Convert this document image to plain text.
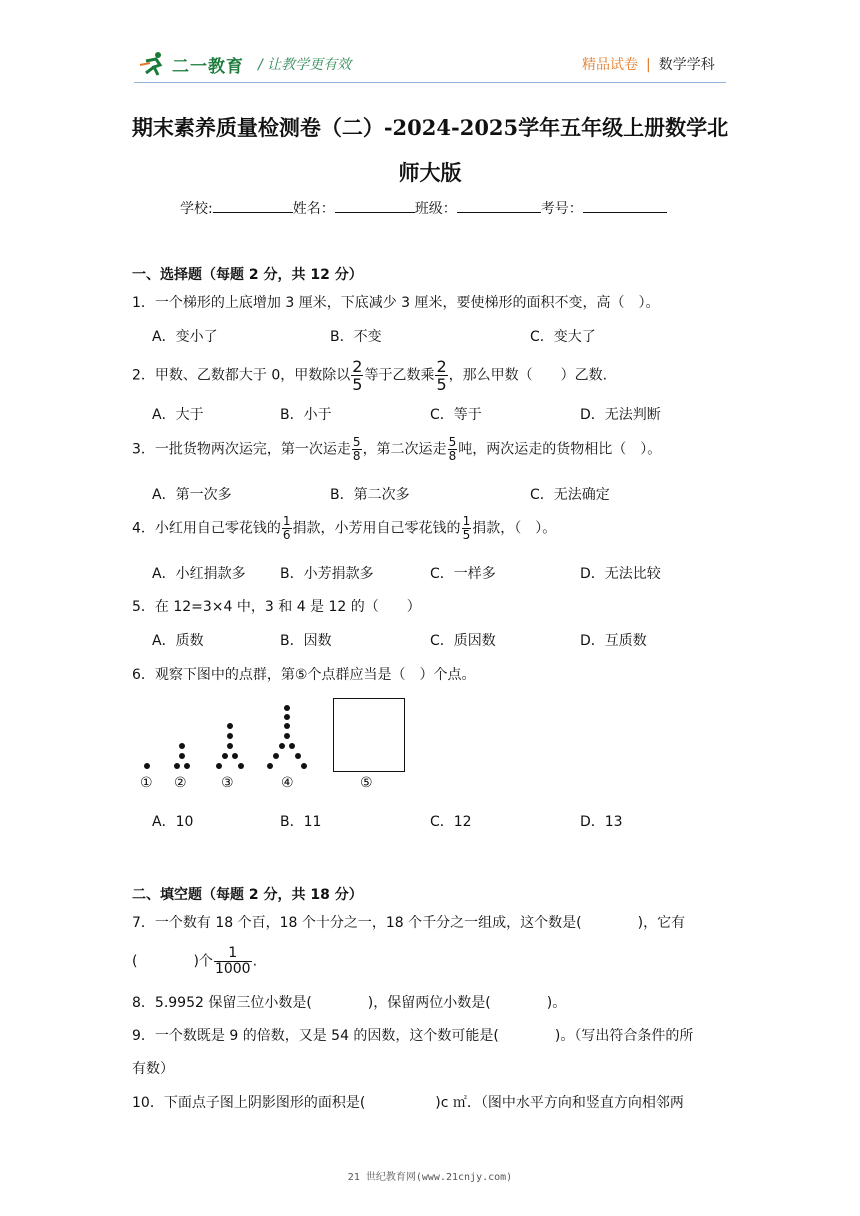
二一教育 / 让教学更有效	精品试卷 | 数学学科
期末素养质量检测卷（二）-2024-2025学年五年级上册数学北
师大版
学校:	姓名：	班级：	考号：
一、选择题（每题 2 分，共 12 分）
1．一个梯形的上底增加 3 厘米，下底减少 3 厘米，要使梯形的面积不变，高（　）。
A．变小了	B．不变	C．变大了
2．甲数、乙数都大于 0，甲数除以 $\frac{2}{5}$ 等于乙数乘 $\frac{2}{5}$ ，那么甲数（　　）乙数.
A．大于	B．小于	C．等于	D．无法判断
3．一批货物两次运完，第一次运走 $\frac{5}{8}$ ，第二次运走 $\frac{5}{8}$ 吨，两次运走的货物相比（　）。
A．第一次多	B．第二次多	C．无法确定
4．小红用自己零花钱的 $\frac{1}{6}$ 捐款，小芳用自己零花钱的 $\frac{1}{5}$ 捐款，（　）。
A．小红捐款多 B．小芳捐款多	C．一样多	D．无法比较
5．在 12=3×4 中，3 和 4 是 12 的（　　）
A．质数	B．因数	C．质因数	D．互质数
6．观察下图中的点群，第⑤个点群应当是（　）个点。
① ② ③	④	⑤
A．10	B．11	C．12	D．13
二、填空题（每题 2 分，共 18 分）
7．一个数有 18 个百，18 个十分之一，18 个千分之一组成，这个数是(　　　　)，它有
(　　　　)个 $\frac{1}{1000}$ .
8．5.9952 保留三位小数是(　　　　)，保留两位小数是(　　　　)。
9．一个数既是 9 的倍数，又是 54 的因数，这个数可能是(　　　　)。（写出符合条件的所
有数）
10．下面点子图上阴影图形的面积是(　　　　　)c ㎡．（图中水平方向和竖直方向相邻两
21 世纪教育网(www.21cnjy.com)
